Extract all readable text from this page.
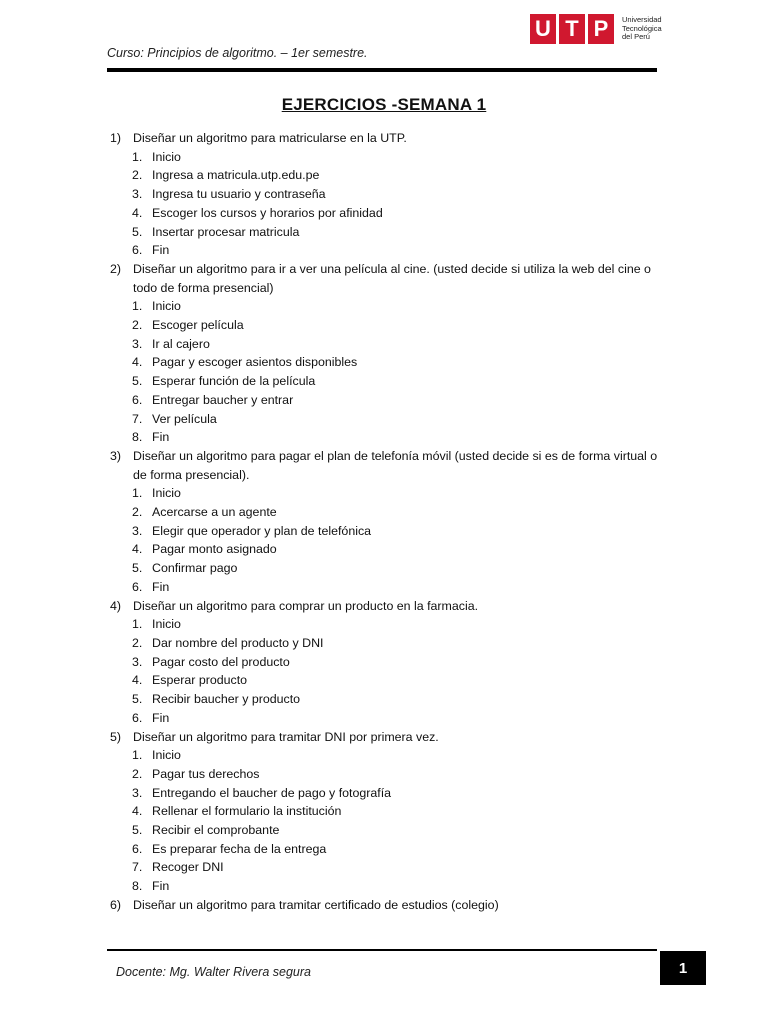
Curso: Principios de algoritmo. – 1er semestre.
U T P	Universidad
Tecnológica
del Perú
EJERCICIOS -SEMANA 1
1) Diseñar un algoritmo para matricularse en la UTP.
1. Inicio
2. Ingresa a matricula.utp.edu.pe
3. Ingresa tu usuario y contraseña
4. Escoger los cursos y horarios por afinidad
5. Insertar procesar matricula
6. Fin
2) Diseñar un algoritmo para ir a ver una película al cine. (usted decide si utiliza la web del cine o todo de forma presencial)
1. Inicio
2. Escoger película
3. Ir al cajero
4. Pagar y escoger asientos disponibles
5. Esperar función de la película
6. Entregar baucher y entrar
7. Ver película
8. Fin
3) Diseñar un algoritmo para pagar el plan de telefonía móvil (usted decide si es de forma virtual o de forma presencial).
1. Inicio
2. Acercarse a un agente
3. Elegir que operador y plan de telefónica
4. Pagar monto asignado
5. Confirmar pago
6. Fin
4) Diseñar un algoritmo para comprar un producto en la farmacia.
1. Inicio
2. Dar nombre del producto y DNI
3. Pagar costo del producto
4. Esperar producto
5. Recibir baucher y producto
6. Fin
5) Diseñar un algoritmo para tramitar DNI por primera vez.
1. Inicio
2. Pagar tus derechos
3. Entregando el baucher de pago y fotografía
4. Rellenar el formulario la institución
5. Recibir el comprobante
6. Es preparar fecha de la entrega
7. Recoger DNI
8. Fin
6) Diseñar un algoritmo para tramitar certificado de estudios (colegio)
Docente: Mg. Walter Rivera segura	1
